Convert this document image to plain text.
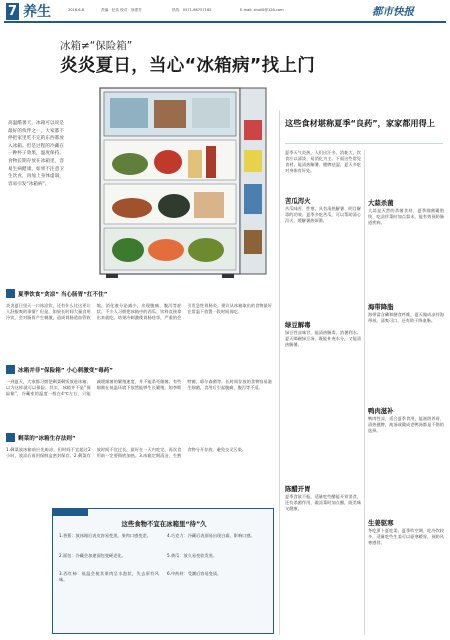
7 养生	2018.6.8	责编：纪伟 校对：徐建芳	热线：0571-86757165	E-mail: zhuli0@126.com	都市快报
冰箱≠“保险箱”
炎炎夏日，当心“冰箱病”找上门
高温酷暑天，冰箱可以说是最好的伙伴之一。大家都不停把家里吃不完的东西都放入冰箱。但是过程的冷藏在一种杯子效果，温度保持。食物长期存放在冰箱里，容易生病健康，如果不注意卫生饮食，再加上身体虚弱，容易引发“冰箱病”。
夏季饮食“贪凉” 当心肠胃“扛不住”
炎炎夏日里天一口冰凉饮，还有什么比这更让人舒服爽的事情？但是，如果长时间大量食用冷饮，会对肠胃产生刺激，造成胃肠道血管收缩，消化液分泌减少，出现腹痛、腹泻等症状。不少人习惯把冰箱中的西瓜、饮料直接拿出来就吃，结果冷刺激使胃肠痉挛，严重的会引发急性胃肠炎。建议从冰箱取出的食物最好在常温下放置一段时间再吃。
冰箱并非“保险箱” 小心刺激变“毒药”
一到夏天，大家都习惯把剩菜剩饭放进冰箱，以为这样就可以保险。其实，冰箱并不是“保险箱”，冷藏室的温度一般在4℃左右，只能减缓细菌的繁殖速度，并不能杀死细菌。有些细菌在低温环境下依然能够生长繁殖，如李斯特菌、耶尔森菌等。长时间存放的食物容易滋生细菌，食用后引起腹痛、腹泻等不适。
剩菜的“冰箱生存法则”
1.剩菜放冰箱前应先晾凉，但时间不宜超过2小时，放凉后再用保鲜盒密封保存。2.剩菜存放时间不宜过长，最好在一天内吃完，再次食用前一定要彻底加热。3.冰箱定期清洁，生熟食物分开存放，避免交叉污染。
这些食物不宜在冰箱里“待”久
1.香蕉：放冰箱后表皮容易变黑，果肉口感变差。
2.面包：冷藏会加速面包变硬老化。
3.西红柿：低温会使其果肉呈水泡状，失去原有风味。
4.巧克力：冷藏后表面易出现白霜，影响口感。
5.黄瓜：放久易变软发黑。
6.中药材：受潮后容易变质。
这些食材堪称夏季“良药”，家家都用得上
夏季天气炎热，人们出汗多、消耗大，饮食应以清淡、易消化为主。下面这些常见食材，能清热解暑、健脾祛湿，夏天多吃对身体有好处。
苦瓜泻火
苦瓜味苦、性寒，具有清热解暑、明目解毒的功效。夏季多吃苦瓜，可以帮助清心泻火，缓解暑热烦渴。
绿豆解毒
绿豆性凉味甘，能清热解毒、消暑利水。夏天喝碗绿豆汤，既能补充水分，又能清热解暑。
陈醋开胃
夏季食欲不振，适量吃些醋能开胃消食，还有杀菌作用，做凉菜时加点醋，既美味又健康。
大蒜杀菌
大蒜是天然的杀菌食材，夏季细菌繁殖快，吃凉拌菜时加点蒜末，能有效预防肠道疾病。
海带降脂
海带富含碘和膳食纤维，夏天做成凉拌海带丝，清爽可口，还有助于降血脂。
鸭肉滋补
鸭肉性凉，适合夏季食用，能滋阴养胃、清热健脾，炖汤或做成老鸭汤都是不错的选择。
生姜驱寒
冬吃萝卜夏吃姜。夏季吹空调、吃冷饮较多，适量吃些生姜可以驱寒暖胃，预防风寒感冒。
